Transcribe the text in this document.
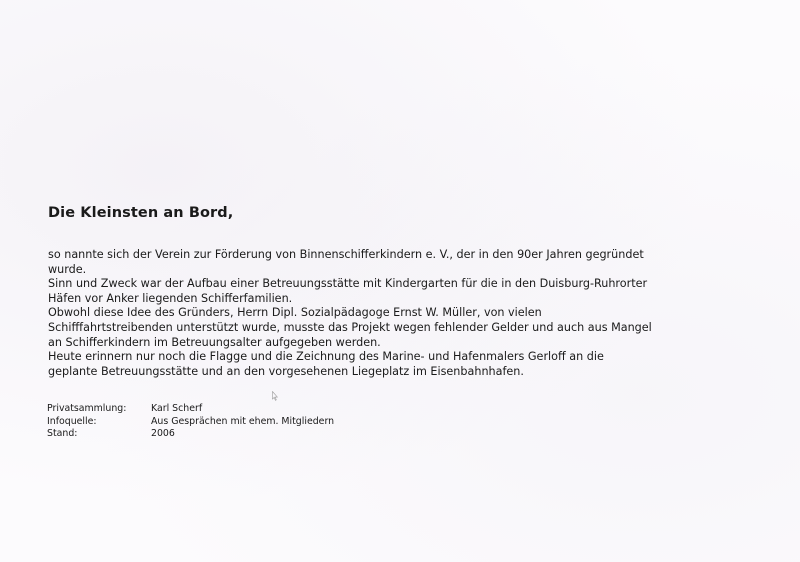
Die Kleinsten an Bord,
so nannte sich der Verein zur Förderung von Binnenschifferkindern e. V., der in den 90er Jahren gegründet
wurde.
Sinn und Zweck war der Aufbau einer Betreuungsstätte mit Kindergarten für die in den Duisburg-Ruhrorter
Häfen vor Anker liegenden Schifferfamilien.
Obwohl diese Idee des Gründers, Herrn Dipl. Sozialpädagoge Ernst W. Müller, von vielen
Schifffahrtstreibenden unterstützt wurde, musste das Projekt wegen fehlender Gelder und auch aus Mangel
an Schifferkindern im Betreuungsalter aufgegeben werden.
Heute erinnern nur noch die Flagge und die Zeichnung des Marine- und Hafenmalers Gerloff an die
geplante Betreuungsstätte und an den vorgesehenen Liegeplatz im Eisenbahnhafen.
Privatsammlung:	Karl Scherf
Infoquelle:	Aus Gesprächen mit ehem. Mitgliedern
Stand:	2006
